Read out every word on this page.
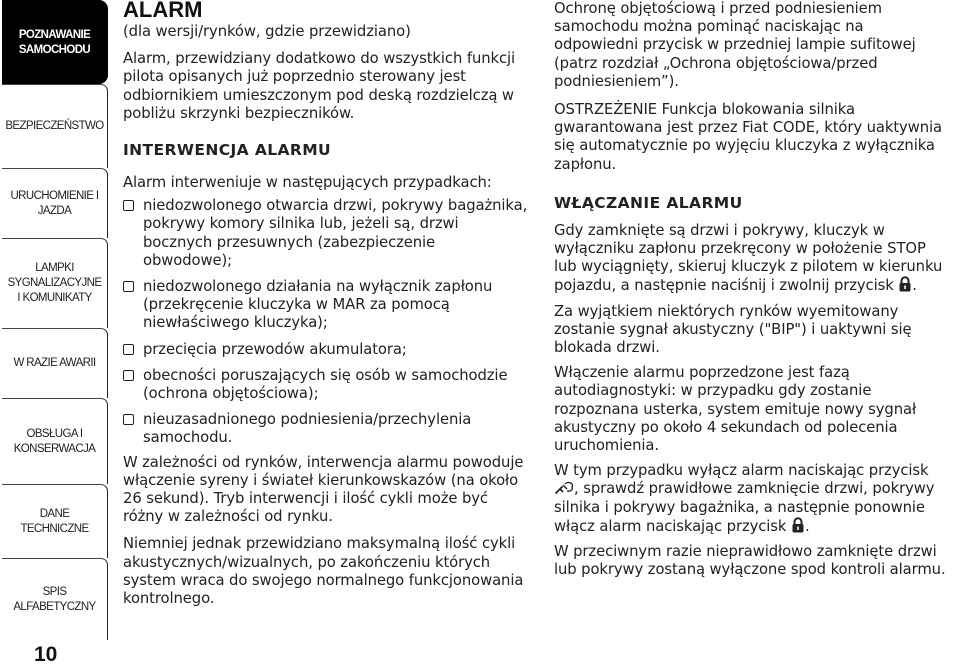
POZNAWANIE SAMOCHODU
BEZPIECZEŃSTWO
URUCHOMIENIE I JAZDA
LAMPKI SYGNALIZACYJNE I KOMUNIKATY
W RAZIE AWARII
OBSŁUGA I KONSERWACJA
DANE TECHNICZNE
SPIS ALFABETYCZNY
10
ALARM

(dla wersji/rynków, gdzie przewidziano)

Alarm, przewidziany dodatkowo do wszystkich funkcji pilota opisanych już poprzednio sterowany jest odbiornikiem umieszczonym pod deską rozdzielczą w pobliżu skrzynki bezpieczników.

INTERWENCJA ALARMU

Alarm interweniuje w następujących przypadkach:

niedozwolonego otwarcia drzwi, pokrywy bagażnika, pokrywy komory silnika lub, jeżeli są, drzwi bocznych przesuwnych (zabezpieczenie obwodowe);
niedozwolonego działania na wyłącznik zapłonu (przekręcenie kluczyka w MAR za pomocą niewłaściwego kluczyka);
przecięcia przewodów akumulatora;
obecności poruszających się osób w samochodzie (ochrona objętościowa);
nieuzasadnionego podniesienia/przechylenia samochodu.

W zależności od rynków, interwencja alarmu powoduje włączenie syreny i świateł kierunkowskazów (na około 26 sekund). Tryb interwencji i ilość cykli może być różny w zależności od rynku.

Niemniej jednak przewidziano maksymalną ilość cykli akustycznych/wizualnych, po zakończeniu których system wraca do swojego normalnego funkcjonowania kontrolnego.

Ochronę objętościową i przed podniesieniem samochodu można pominąć naciskając na odpowiedni przycisk w przedniej lampie sufitowej (patrz rozdział „Ochrona objętościowa/przed podniesieniem”).

OSTRZEŻENIE Funkcja blokowania silnika gwarantowana jest przez Fiat CODE, który uaktywnia się automatycznie po wyjęciu kluczyka z wyłącznika zapłonu.

WŁĄCZANIE ALARMU

Gdy zamknięte są drzwi i pokrywy, kluczyk w wyłączniku zapłonu przekręcony w położenie STOP lub wyciągnięty, skieruj kluczyk z pilotem w kierunku pojazdu, a następnie naciśnij i zwolnij przycisk .

Za wyjątkiem niektórych rynków wyemitowany zostanie sygnał akustyczny ("BIP") i uaktywni się blokada drzwi.

Włączenie alarmu poprzedzone jest fazą autodiagnostyki: w przypadku gdy zostanie rozpoznana usterka, system emituje nowy sygnał akustyczny po około 4 sekundach od polecenia uruchomienia.

W tym przypadku wyłącz alarm naciskając przycisk , sprawdź prawidłowe zamknięcie drzwi, pokrywy silnika i pokrywy bagażnika, a następnie ponownie włącz alarm naciskając przycisk .

W przeciwnym razie nieprawidłowo zamknięte drzwi lub pokrywy zostaną wyłączone spod kontroli alarmu.
